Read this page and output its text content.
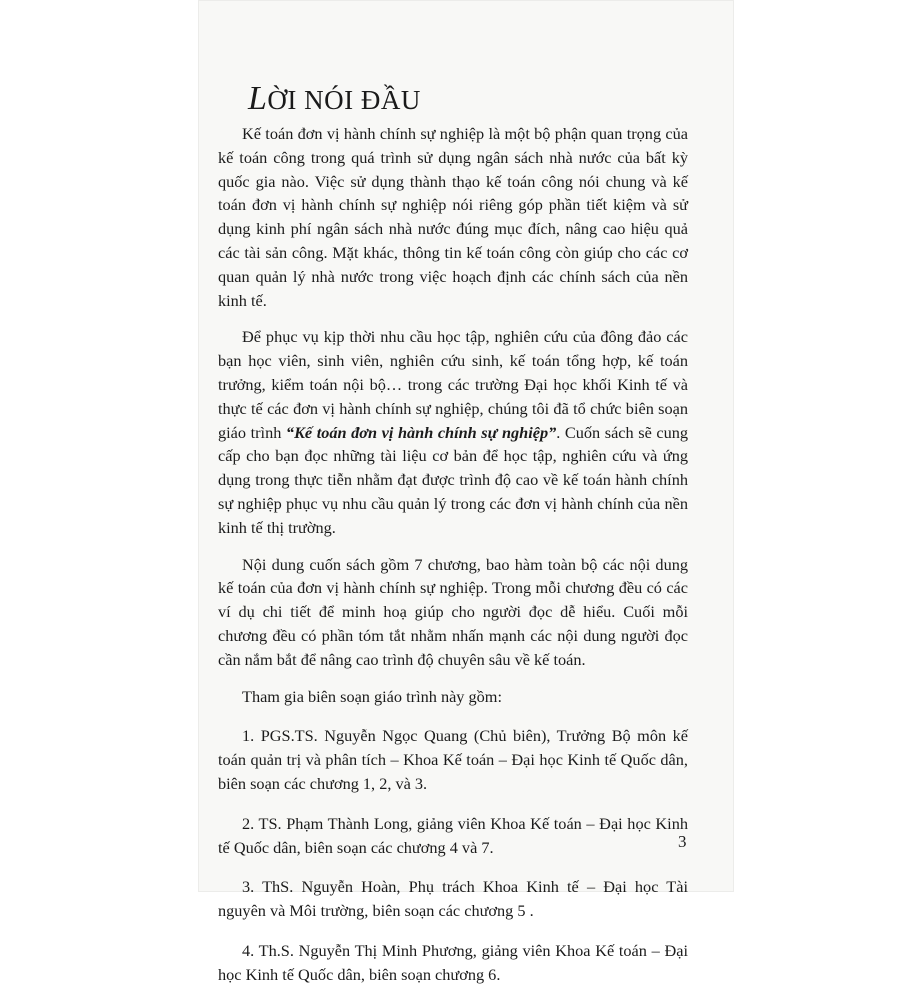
LỜI NÓI ĐẦU

Kế toán đơn vị hành chính sự nghiệp là một bộ phận quan trọng của kế toán công trong quá trình sử dụng ngân sách nhà nước của bất kỳ quốc gia nào. Việc sử dụng thành thạo kế toán công nói chung và kế toán đơn vị hành chính sự nghiệp nói riêng góp phần tiết kiệm và sử dụng kinh phí ngân sách nhà nước đúng mục đích, nâng cao hiệu quả các tài sản công. Mặt khác, thông tin kế toán công còn giúp cho các cơ quan quản lý nhà nước trong việc hoạch định các chính sách của nền kinh tế.

Để phục vụ kịp thời nhu cầu học tập, nghiên cứu của đông đảo các bạn học viên, sinh viên, nghiên cứu sinh, kế toán tổng hợp, kế toán trưởng, kiểm toán nội bộ… trong các trường Đại học khối Kinh tế và thực tế các đơn vị hành chính sự nghiệp, chúng tôi đã tổ chức biên soạn giáo trình “Kế toán đơn vị hành chính sự nghiệp”. Cuốn sách sẽ cung cấp cho bạn đọc những tài liệu cơ bản để học tập, nghiên cứu và ứng dụng trong thực tiễn nhằm đạt được trình độ cao về kế toán hành chính sự nghiệp phục vụ nhu cầu quản lý trong các đơn vị hành chính của nền kinh tế thị trường.

Nội dung cuốn sách gồm 7 chương, bao hàm toàn bộ các nội dung kế toán của đơn vị hành chính sự nghiệp. Trong mỗi chương đều có các ví dụ chi tiết để minh hoạ giúp cho người đọc dễ hiểu. Cuối mỗi chương đều có phần tóm tắt nhằm nhấn mạnh các nội dung người đọc cần nắm bắt để nâng cao trình độ chuyên sâu về kế toán.

Tham gia biên soạn giáo trình này gồm:

1. PGS.TS. Nguyễn Ngọc Quang (Chủ biên), Trưởng Bộ môn kế toán quản trị và phân tích – Khoa Kế toán – Đại học Kinh tế Quốc dân, biên soạn các chương 1, 2, và 3.

2. TS. Phạm Thành Long, giảng viên Khoa Kế toán – Đại học Kinh tế Quốc dân, biên soạn các chương 4 và 7.

3. ThS. Nguyễn Hoàn, Phụ trách Khoa Kinh tế – Đại học Tài nguyên và Môi trường, biên soạn các chương 5 .

4. Th.S. Nguyễn Thị Minh Phương, giảng viên Khoa Kế toán – Đại học Kinh tế Quốc dân, biên soạn chương 6.

3
